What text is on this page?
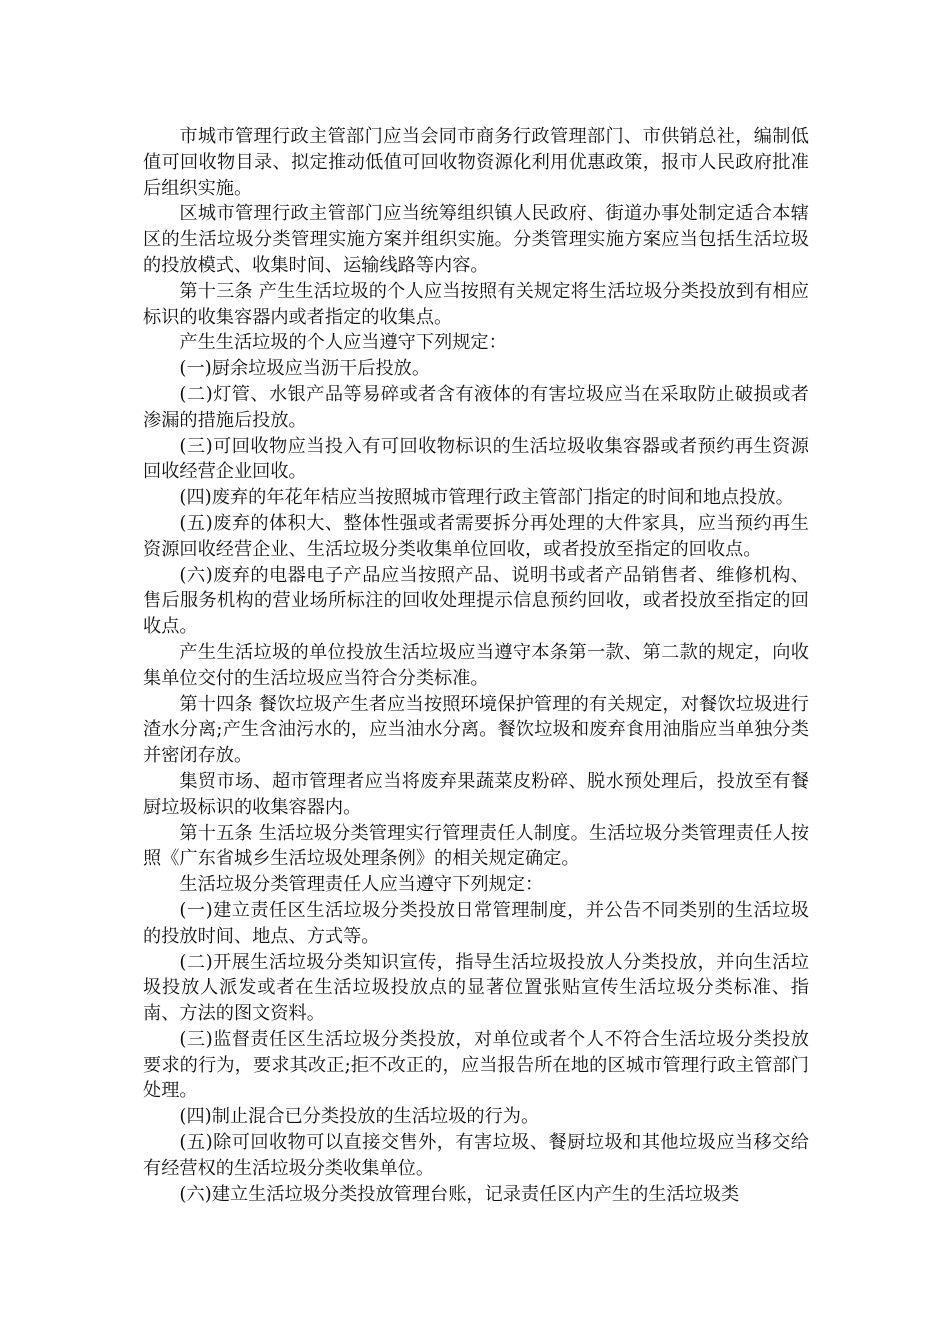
市城市管理行政主管部门应当会同市商务行政管理部门、市供销总社，编制低值可回收物目录、拟定推动低值可回收物资源化利用优惠政策，报市人民政府批准后组织实施。

区城市管理行政主管部门应当统筹组织镇人民政府、街道办事处制定适合本辖区的生活垃圾分类管理实施方案并组织实施。分类管理实施方案应当包括生活垃圾的投放模式、收集时间、运输线路等内容。

第十三条 产生生活垃圾的个人应当按照有关规定将生活垃圾分类投放到有相应标识的收集容器内或者指定的收集点。

产生生活垃圾的个人应当遵守下列规定：

(一)厨余垃圾应当沥干后投放。

(二)灯管、水银产品等易碎或者含有液体的有害垃圾应当在采取防止破损或者渗漏的措施后投放。

(三)可回收物应当投入有可回收物标识的生活垃圾收集容器或者预约再生资源回收经营企业回收。

(四)废弃的年花年桔应当按照城市管理行政主管部门指定的时间和地点投放。

(五)废弃的体积大、整体性强或者需要拆分再处理的大件家具，应当预约再生资源回收经营企业、生活垃圾分类收集单位回收，或者投放至指定的回收点。

(六)废弃的电器电子产品应当按照产品、说明书或者产品销售者、维修机构、售后服务机构的营业场所标注的回收处理提示信息预约回收，或者投放至指定的回收点。

产生生活垃圾的单位投放生活垃圾应当遵守本条第一款、第二款的规定，向收集单位交付的生活垃圾应当符合分类标准。

第十四条 餐饮垃圾产生者应当按照环境保护管理的有关规定，对餐饮垃圾进行渣水分离;产生含油污水的，应当油水分离。餐饮垃圾和废弃食用油脂应当单独分类并密闭存放。

集贸市场、超市管理者应当将废弃果蔬菜皮粉碎、脱水预处理后，投放至有餐厨垃圾标识的收集容器内。

第十五条 生活垃圾分类管理实行管理责任人制度。生活垃圾分类管理责任人按照《广东省城乡生活垃圾处理条例》的相关规定确定。

生活垃圾分类管理责任人应当遵守下列规定：

(一)建立责任区生活垃圾分类投放日常管理制度，并公告不同类别的生活垃圾的投放时间、地点、方式等。

(二)开展生活垃圾分类知识宣传，指导生活垃圾投放人分类投放，并向生活垃圾投放人派发或者在生活垃圾投放点的显著位置张贴宣传生活垃圾分类标准、指南、方法的图文资料。

(三)监督责任区生活垃圾分类投放，对单位或者个人不符合生活垃圾分类投放要求的行为，要求其改正;拒不改正的，应当报告所在地的区城市管理行政主管部门处理。

(四)制止混合已分类投放的生活垃圾的行为。

(五)除可回收物可以直接交售外，有害垃圾、餐厨垃圾和其他垃圾应当移交给有经营权的生活垃圾分类收集单位。

(六)建立生活垃圾分类投放管理台账，记录责任区内产生的生活垃圾类
